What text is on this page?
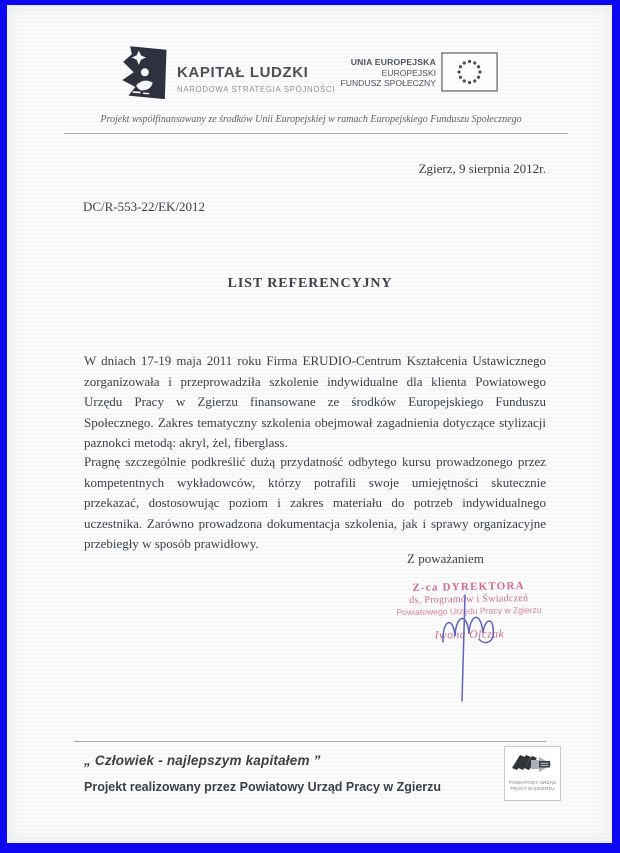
KAPITAŁ LUDZKI
NARODOWA STRATEGIA SPÓJNOŚCI
UNIA EUROPEJSKA
EUROPEJSKI
FUNDUSZ SPOŁECZNY
Projekt współfinansowany ze środków Unii Europejskiej w ramach Europejskiego Funduszu Społecznego
Zgierz, 9 sierpnia 2012r.
DC/R-553-22/EK/2012
LIST REFERENCYJNY
W dniach 17-19 maja 2011 roku Firma ERUDIO-Centrum Kształcenia Ustawicznego zorganizowała i przeprowadziła szkolenie indywidualne dla klienta Powiatowego Urzędu Pracy w Zgierzu finansowane ze środków Europejskiego Funduszu Społecznego. Zakres tematyczny szkolenia obejmował zagadnienia dotyczące stylizacji paznokci metodą: akryl, żel, fiberglass.
Pragnę szczególnie podkreślić dużą przydatność odbytego kursu prowadzonego przez kompetentnych wykładowców, którzy potrafili swoje umiejętności skutecznie przekazać, dostosowując poziom i zakres materiału do potrzeb indywidualnego uczestnika. Zarówno prowadzona dokumentacja szkolenia, jak i sprawy organizacyjne przebiegły w sposób prawidłowy.
Z poważaniem
Z-ca DYREKTORA
ds. Programów i Świadczeń
Powiatowego Urzędu Pracy w Zgierzu
Iwona Olczak
„ Człowiek - najlepszym kapitałem ”
Projekt realizowany przez Powiatowy Urząd Pracy w Zgierzu	POWIATOWY URZĄD PRACY W ZGIERZU
